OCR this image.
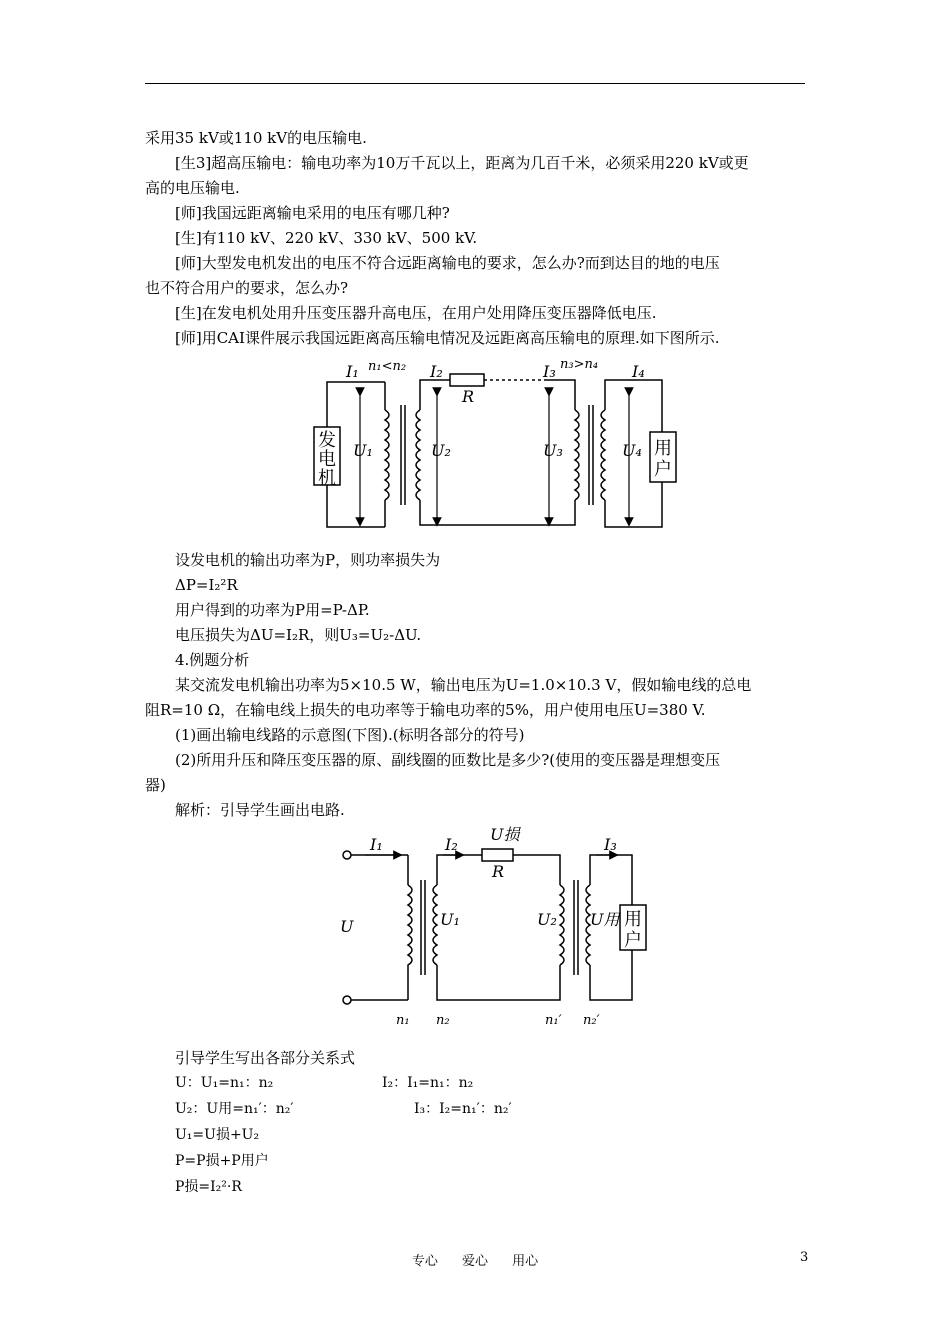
采用35 kV或110 kV的电压输电.
[生3]超高压输电：输电功率为10万千瓦以上，距离为几百千米，必须采用220 kV或更
高的电压输电.
[师]我国远距离输电采用的电压有哪几种?
[生]有110 kV、220 kV、330 kV、500 kV.
[师]大型发电机发出的电压不符合远距离输电的要求，怎么办?而到达目的地的电压
也不符合用户的要求，怎么办?
[生]在发电机处用升压变压器升高电压，在用户处用降压变压器降低电压.
[师]用CAI课件展示我国远距离高压输电情况及远距离高压输电的原理.如下图所示.
I₁	I₂	I₃	I₄
n₁<n₂	n₃>n₄
R
U₁	U₂	U₃	U₄
发
电
机
用
户
设发电机的输出功率为P，则功率损失为
ΔP=I₂²R
用户得到的功率为P用=P-ΔP.
电压损失为ΔU=I₂R，则U₃=U₂-ΔU.
4.例题分析
某交流发电机输出功率为5×10.5 W，输出电压为U=1.0×10.3 V，假如输电线的总电
阻R=10 Ω，在输电线上损失的电功率等于输电功率的5%，用户使用电压U=380 V.
(1)画出输电线路的示意图(下图).(标明各部分的符号)
(2)所用升压和降压变压器的原、副线圈的匝数比是多少?(使用的变压器是理想变压
器)
解析：引导学生画出电路.
I₁	I₂	I₃
U损
R
U	U₁	U₂ U用
n₁ n₂	n₁′ n₂′
用
户
引导学生写出各部分关系式
U：U₁=n₁：n₂	I₂：I₁=n₁：n₂
U₂：U用=n₁′：n₂′	I₃：I₂=n₁′：n₂′
U₁=U损+U₂
P=P损+P用户
P损=I₂²·R
专心 爱心 用心	3
